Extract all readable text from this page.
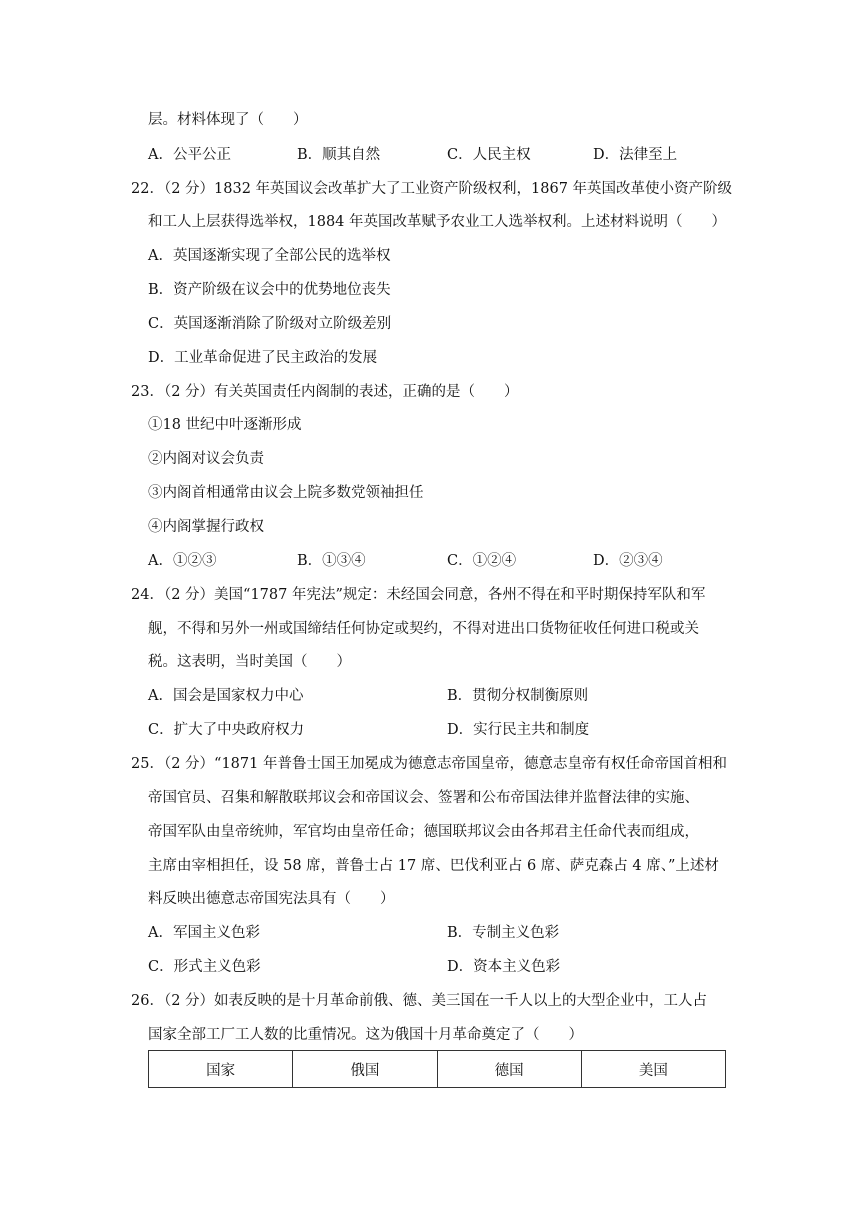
层。材料体现了（　　）
A．公平公正	B．顺其自然	C．人民主权	D．法律至上
22．（2 分）1832 年英国议会改革扩大了工业资产阶级权利，1867 年英国改革使小资产阶级
和工人上层获得选举权，1884 年英国改革赋予农业工人选举权利。上述材料说明（　　）
A．英国逐渐实现了全部公民的选举权
B．资产阶级在议会中的优势地位丧失
C．英国逐渐消除了阶级对立阶级差别
D．工业革命促进了民主政治的发展
23．（2 分）有关英国责任内阁制的表述，正确的是（　　）
①18 世纪中叶逐渐形成
②内阁对议会负责
③内阁首相通常由议会上院多数党领袖担任
④内阁掌握行政权
A．①②③	B．①③④	C．①②④	D．②③④
24．（2 分）美国“1787 年宪法”规定：未经国会同意，各州不得在和平时期保持军队和军
舰，不得和另外一州或国缔结任何协定或契约，不得对进出口货物征收任何进口税或关
税。这表明，当时美国（　　）
A．国会是国家权力中心	B．贯彻分权制衡原则
C．扩大了中央政府权力	D．实行民主共和制度
25．（2 分）“1871 年普鲁士国王加冕成为德意志帝国皇帝，德意志皇帝有权任命帝国首相和
帝国官员、召集和解散联邦议会和帝国议会、签署和公布帝国法律并监督法律的实施、
帝国军队由皇帝统帅，军官均由皇帝任命；德国联邦议会由各邦君主任命代表而组成，
主席由宰相担任，设 58 席，普鲁士占 17 席、巴伐利亚占 6 席、萨克森占 4 席、”上述材
料反映出德意志帝国宪法具有（　　）
A．军国主义色彩	B．专制主义色彩
C．形式主义色彩	D．资本主义色彩
26．（2 分）如表反映的是十月革命前俄、德、美三国在一千人以上的大型企业中，工人占
国家全部工厂工人数的比重情况。这为俄国十月革命奠定了（　　）
国家	俄国	德国	美国
